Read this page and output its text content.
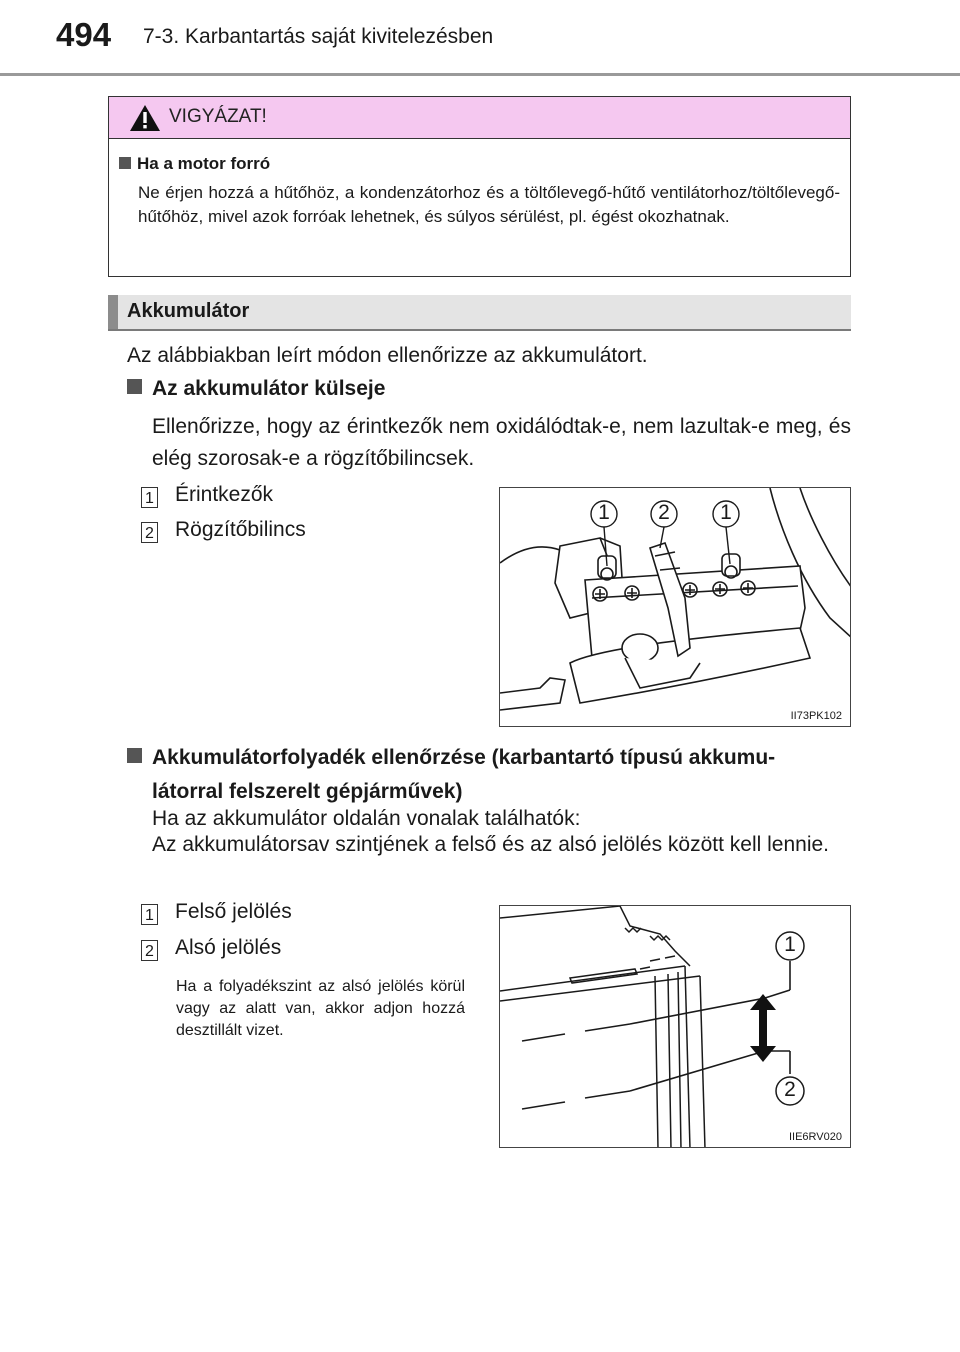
494 7-3. Karbantartás saját kivitelezésben
VIGYÁZAT!
Ha a motor forró
Ne érjen hozzá a hűtőhöz, a kondenzátorhoz és a töltőlevegő-hűtő ventilátorhoz/töltőlevegő-hűtőhöz, mivel azok forróak lehetnek, és súlyos sérülést, pl. égést okozhatnak.
Akkumulátor
Az alábbiakban leírt módon ellenőrizze az akkumulátort.
Az akkumulátor külseje
Ellenőrizze, hogy az érintkezők nem oxidálódtak-e, nem lazultak-e meg, és elég szorosak-e a rögzítőbilincsek.
1 Érintkezők
2 Rögzítőbilincs
1	2	1
II73PK102
Akkumulátorfolyadék ellenőrzése (karbantartó típusú akkumu-
látorral felszerelt gépjárművek)
Ha az akkumulátor oldalán vonalak találhatók:
Az akkumulátorsav szintjének a felső és az alsó jelölés között kell lennie.
1 Felső jelölés
2 Alsó jelölés
Ha a folyadékszint az alsó jelölés körül vagy az alatt van, akkor adjon hozzá desztillált vizet.
1
2
IIE6RV020
